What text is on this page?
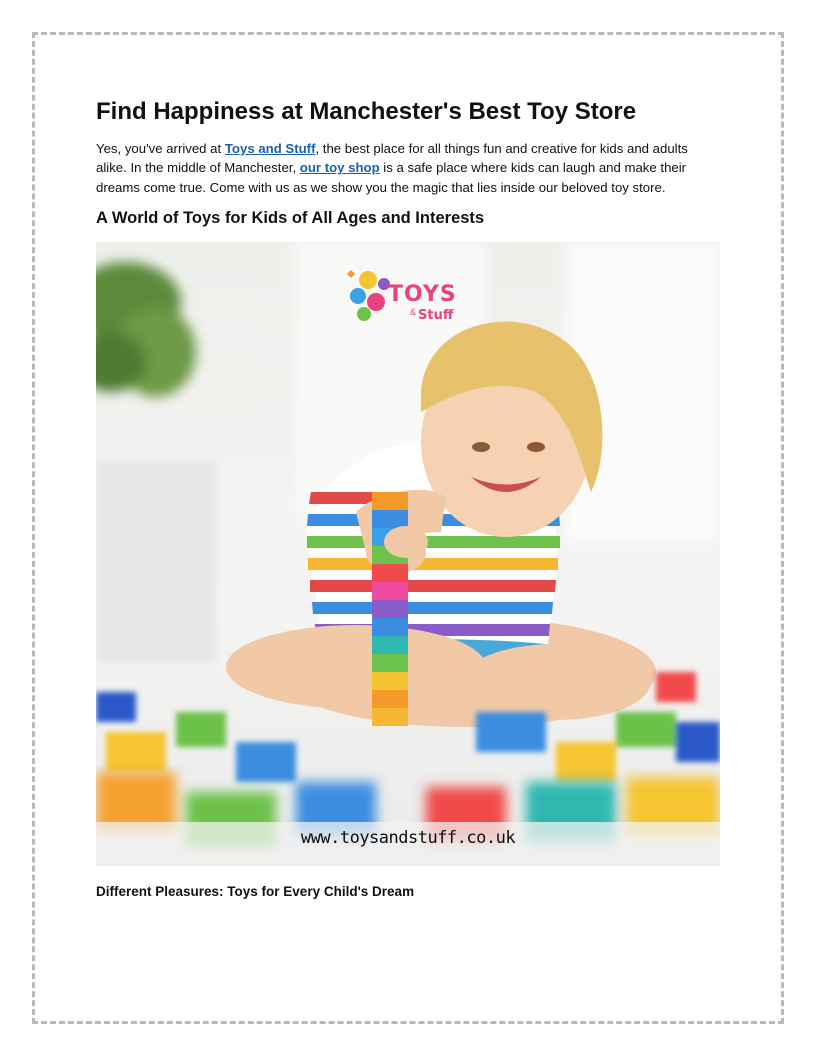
Find Happiness at Manchester's Best Toy Store

Yes, you've arrived at Toys and Stuff, the best place for all things fun and creative for kids and adults alike. In the middle of Manchester, our toy shop is a safe place where kids can laugh and make their dreams come true. Come with us as we show you the magic that lies inside our beloved toy store.

A World of Toys for Kids of All Ages and Interests
TOYS
& Stuff
www.toysandstuff.co.uk
Different Pleasures: Toys for Every Child's Dream
